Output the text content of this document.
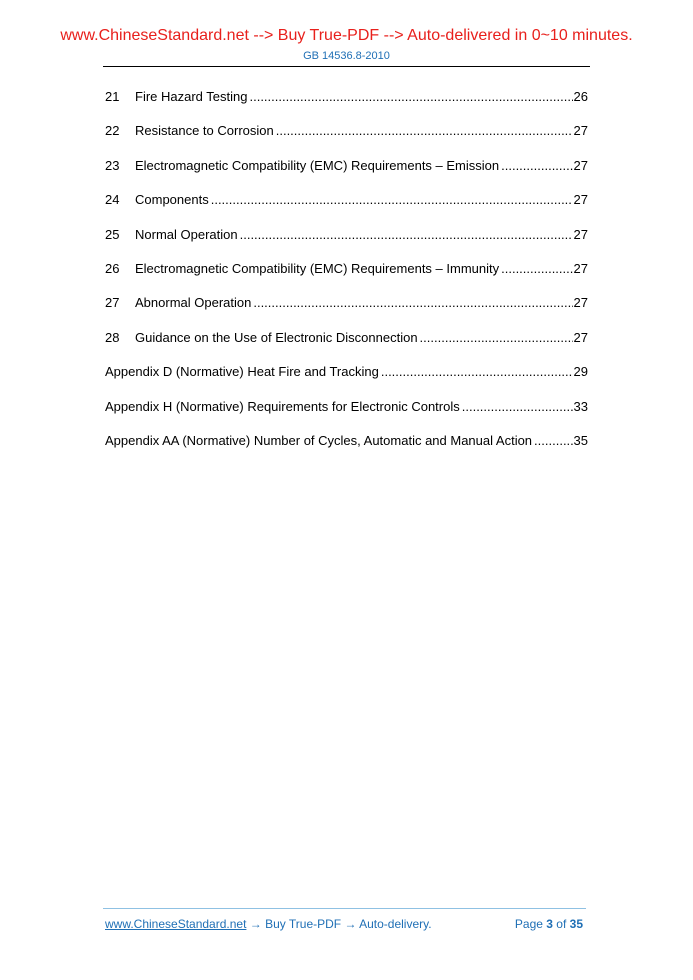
www.ChineseStandard.net --> Buy True-PDF --> Auto-delivered in 0~10 minutes.
GB 14536.8-2010
21	Fire Hazard Testing .....	26
22	Resistance to Corrosion .....	27
23	Electromagnetic Compatibility (EMC) Requirements – Emission .....	27
24	Components .....	27
25	Normal Operation .....	27
26	Electromagnetic Compatibility (EMC) Requirements – Immunity .....	27
27	Abnormal Operation .....	27
28	Guidance on the Use of Electronic Disconnection .....	27
Appendix D (Normative) Heat Fire and Tracking .....	29
Appendix H (Normative) Requirements for Electronic Controls .....	33
Appendix AA (Normative) Number of Cycles, Automatic and Manual Action .....	35
www.ChineseStandard.net → Buy True-PDF → Auto-delivery.	Page 3 of 35
